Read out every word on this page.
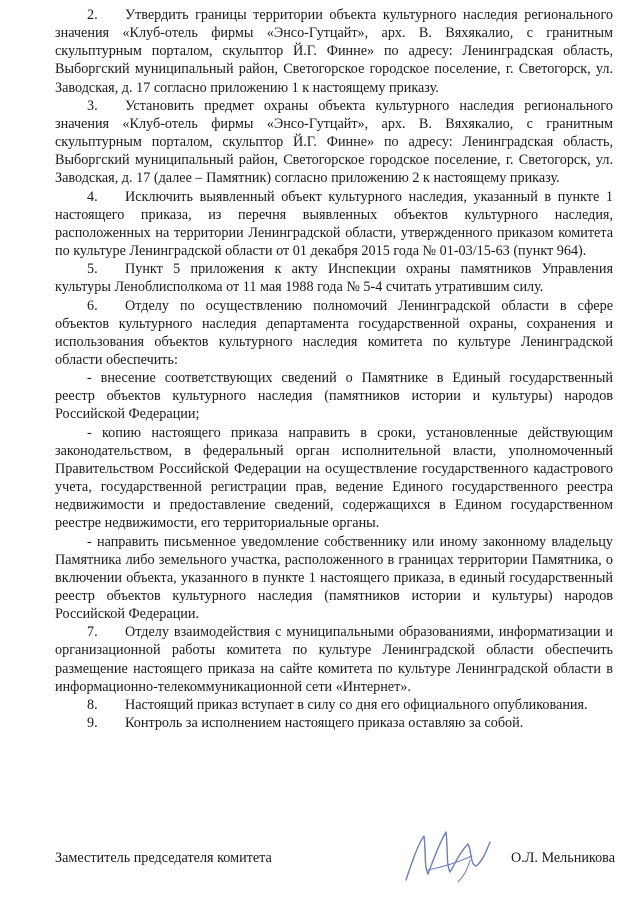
2. Утвердить границы территории объекта культурного наследия регионального значения «Клуб-отель фирмы «Энсо-Гутцайт», арх. В. Вяхякалио, с гранитным скульптурным порталом, скульптор Й.Г. Финне» по адресу: Ленинградская область, Выборгский муниципальный район, Светогорское городское поселение, г. Светогорск, ул. Заводская, д. 17 согласно приложению 1 к настоящему приказу.

3. Установить предмет охраны объекта культурного наследия регионального значения «Клуб-отель фирмы «Энсо-Гутцайт», арх. В. Вяхякалио, с гранитным скульптурным порталом, скульптор Й.Г. Финне» по адресу: Ленинградская область, Выборгский муниципальный район, Светогорское городское поселение, г. Светогорск, ул. Заводская, д. 17 (далее – Памятник) согласно приложению 2 к настоящему приказу.

4. Исключить выявленный объект культурного наследия, указанный в пункте 1 настоящего приказа, из перечня выявленных объектов культурного наследия, расположенных на территории Ленинградской области, утвержденного приказом комитета по культуре Ленинградской области от 01 декабря 2015 года № 01-03/15-63 (пункт 964).

5. Пункт 5 приложения к акту Инспекции охраны памятников Управления культуры Леноблисполкома от 11 мая 1988 года № 5-4 считать утратившим силу.

6. Отделу по осуществлению полномочий Ленинградской области в сфере объектов культурного наследия департамента государственной охраны, сохранения и использования объектов культурного наследия комитета по культуре Ленинградской области обеспечить:

- внесение соответствующих сведений о Памятнике в Единый государственный реестр объектов культурного наследия (памятников истории и культуры) народов Российской Федерации;

- копию настоящего приказа направить в сроки, установленные действующим законодательством, в федеральный орган исполнительной власти, уполномоченный Правительством Российской Федерации на осуществление государственного кадастрового учета, государственной регистрации прав, ведение Единого государственного реестра недвижимости и предоставление сведений, содержащихся в Едином государственном реестре недвижимости, его территориальные органы.

- направить письменное уведомление собственнику или иному законному владельцу Памятника либо земельного участка, расположенного в границах территории Памятника, о включении объекта, указанного в пункте 1 настоящего приказа, в единый государственный реестр объектов культурного наследия (памятников истории и культуры) народов Российской Федерации.

7. Отделу взаимодействия с муниципальными образованиями, информатизации и организационной работы комитета по культуре Ленинградской области обеспечить размещение настоящего приказа на сайте комитета по культуре Ленинградской области в информационно-телекоммуникационной сети «Интернет».

8. Настоящий приказ вступает в силу со дня его официального опубликования.

9. Контроль за исполнением настоящего приказа оставляю за собой.

Заместитель председателя комитета	О.Л. Мельникова
